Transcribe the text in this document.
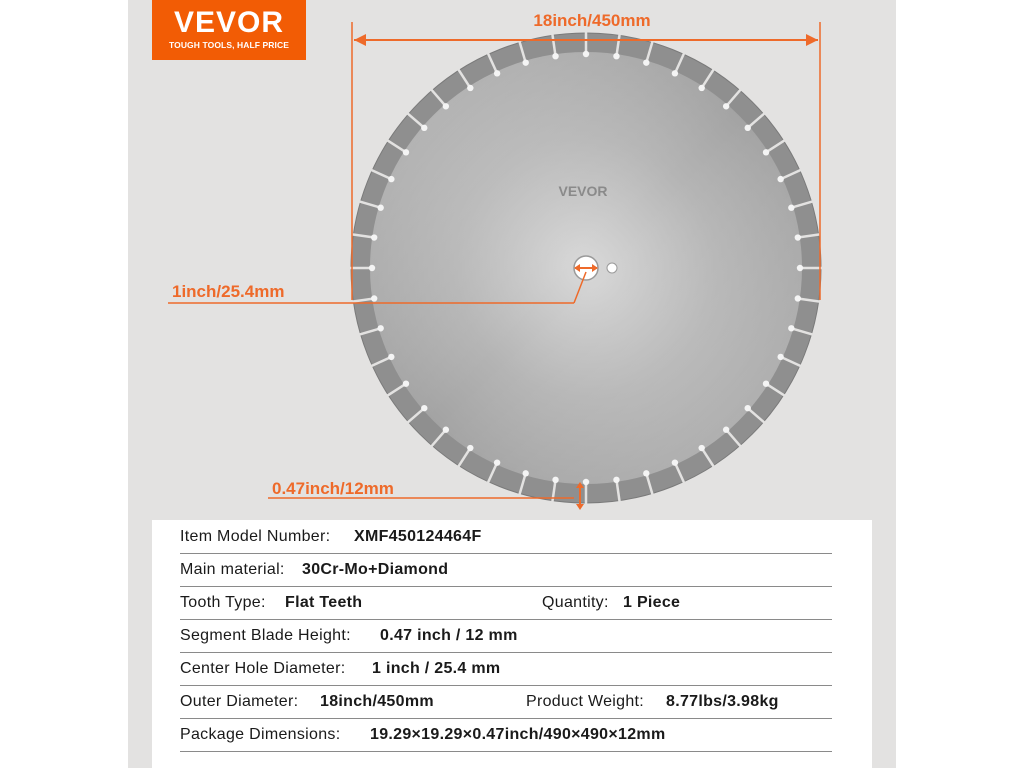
VEVOR
TOUGH TOOLS, HALF PRICE
VEVOR
18inch/450mm
1inch/25.4mm
0.47inch/12mm
Item Model Number: XMF450124464F
Main material: 30Cr-Mo+Diamond
Tooth Type: Flat Teeth	Quantity: 1 Piece
Segment Blade Height: 0.47 inch / 12 mm
Center Hole Diameter: 1 inch / 25.4 mm
Outer Diameter: 18inch/450mm	Product Weight: 8.77lbs/3.98kg
Package Dimensions: 19.29×19.29×0.47inch/490×490×12mm
